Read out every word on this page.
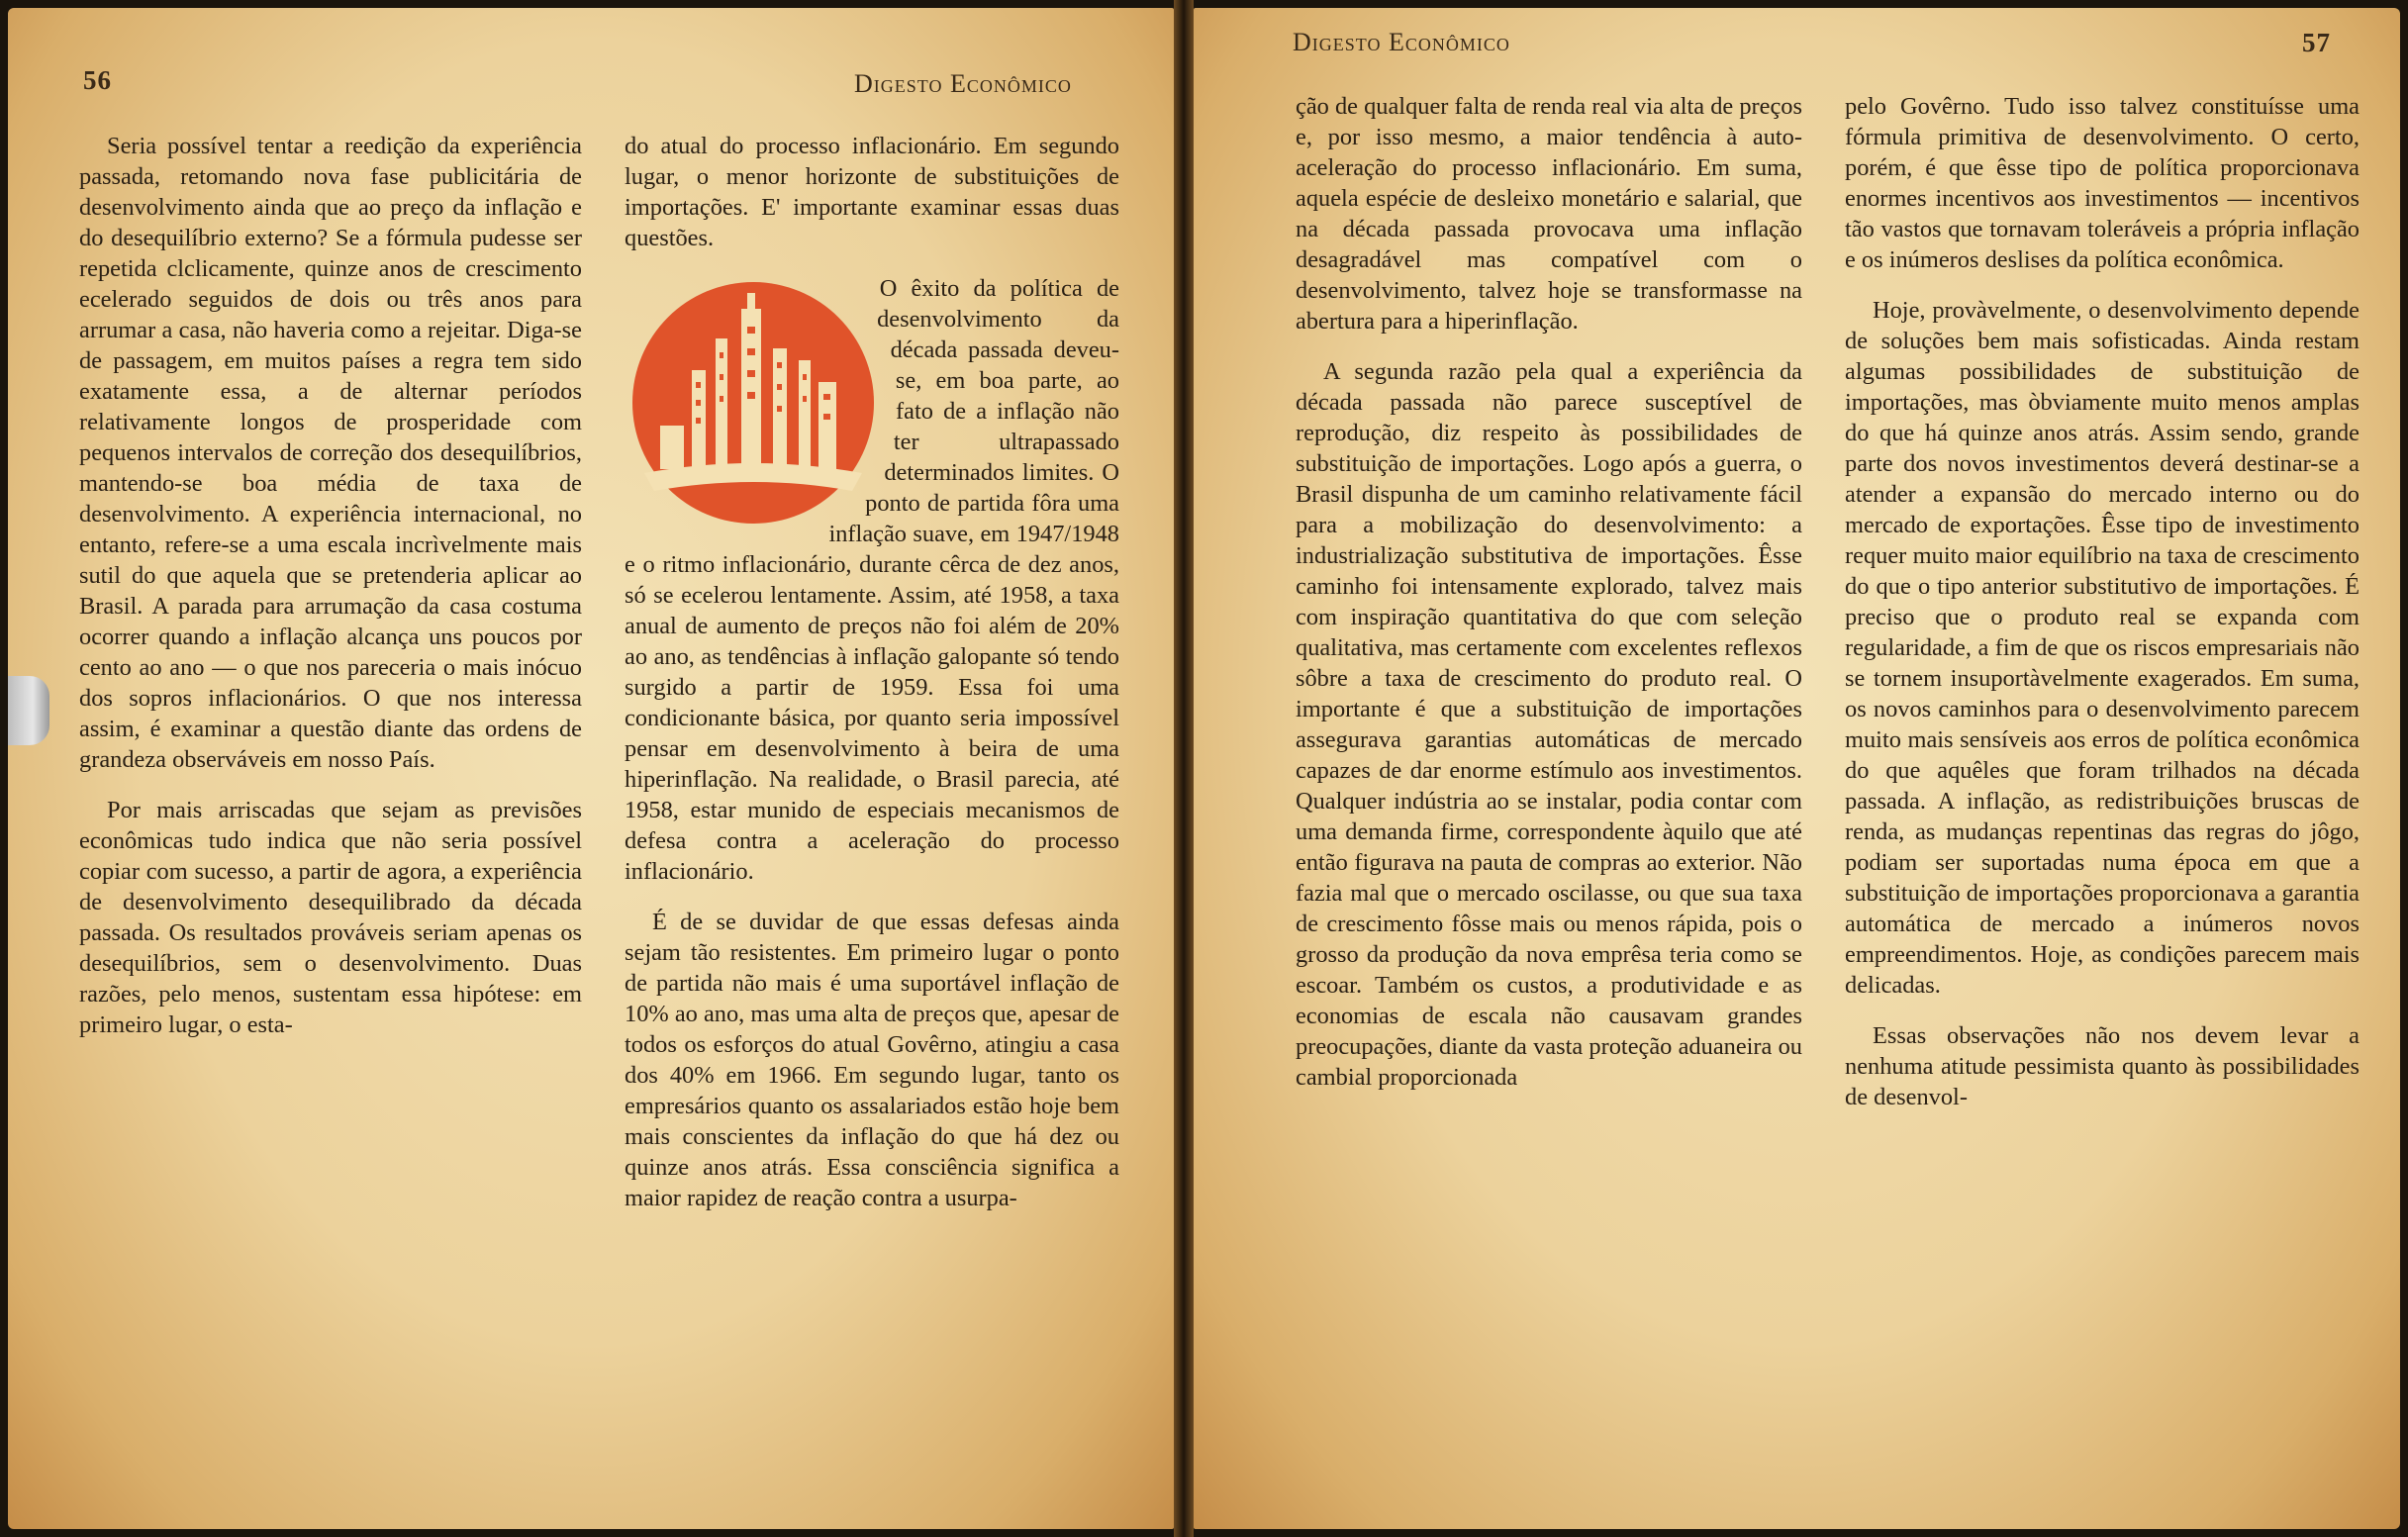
56	Digesto Econômico

Seria possível tentar a reedição da experiência passada, retomando nova fase publicitária de desenvolvimento ainda que ao preço da inflação e do desequilíbrio externo? Se a fórmula pudesse ser repetida clclicamente, quinze anos de crescimento ecelerado seguidos de dois ou três anos para arrumar a casa, não haveria como a rejeitar. Diga-se de passagem, em muitos países a regra tem sido exatamente essa, a de alternar períodos relativamente longos de prosperidade com pequenos intervalos de correção dos desequilíbrios, mantendo-se boa média de taxa de desenvolvimento. A experiência internacional, no entanto, refere-se a uma escala incrìvelmente mais sutil do que aquela que se pretenderia aplicar ao Brasil. A parada para arrumação da casa costuma ocorrer quando a inflação alcança uns poucos por cento ao ano — o que nos pareceria o mais inócuo dos sopros inflacionários. O que nos interessa assim, é examinar a questão diante das ordens de grandeza observáveis em nosso País.

Por mais arriscadas que sejam as previsões econômicas tudo indica que não seria possível copiar com sucesso, a partir de agora, a experiência de desenvolvimento desequilibrado da década passada. Os resultados prováveis seriam apenas os desequilíbrios, sem o desenvolvimento. Duas razões, pelo menos, sustentam essa hipótese: em primeiro lugar, o esta-

do atual do processo inflacionário. Em segundo lugar, o menor horizonte de substituições de importações. E' importante examinar essas duas questões.

O êxito da política de desenvolvimento da década passada deveu-se, em boa parte, ao fato de a inflação não ter ultrapassado determinados limites. O ponto de partida fôra uma inflação suave, em 1947/1948 e o ritmo inflacionário, durante cêrca de dez anos, só se ecelerou lentamente. Assim, até 1958, a taxa anual de aumento de preços não foi além de 20% ao ano, as tendências à inflação galopante só tendo surgido a partir de 1959. Essa foi uma condicionante básica, por quanto seria impossível pensar em desenvolvimento à beira de uma hiperinflação. Na realidade, o Brasil parecia, até 1958, estar munido de especiais mecanismos de defesa contra a aceleração do processo inflacionário.

É de se duvidar de que essas defesas ainda sejam tão resistentes. Em primeiro lugar o ponto de partida não mais é uma suportável inflação de 10% ao ano, mas uma alta de preços que, apesar de todos os esforços do atual Govêrno, atingiu a casa dos 40% em 1966. Em segundo lugar, tanto os empresários quanto os assalariados estão hoje bem mais conscientes da inflação do que há dez ou quinze anos atrás. Essa consciência significa a maior rapidez de reação contra a usurpa-

Digesto Econômico	57

ção de qualquer falta de renda real via alta de preços e, por isso mesmo, a maior tendência à auto-aceleração do processo inflacionário. Em suma, aquela espécie de desleixo monetário e salarial, que na década passada provocava uma inflação desagradável mas compatível com o desenvolvimento, talvez hoje se transformasse na abertura para a hiperinflação.

A segunda razão pela qual a experiência da década passada não parece susceptível de reprodução, diz respeito às possibilidades de substituição de importações. Logo após a guerra, o Brasil dispunha de um caminho relativamente fácil para a mobilização do desenvolvimento: a industrialização substitutiva de importações. Êsse caminho foi intensamente explorado, talvez mais com inspiração quantitativa do que com seleção qualitativa, mas certamente com excelentes reflexos sôbre a taxa de crescimento do produto real. O importante é que a substituição de importações assegurava garantias automáticas de mercado capazes de dar enorme estímulo aos investimentos. Qualquer indústria ao se instalar, podia contar com uma demanda firme, correspondente àquilo que até então figurava na pauta de compras ao exterior. Não fazia mal que o mercado oscilasse, ou que sua taxa de crescimento fôsse mais ou menos rápida, pois o grosso da produção da nova emprêsa teria como se escoar. Também os custos, a produtividade e as economias de escala não causavam grandes preocupações, diante da vasta proteção aduaneira ou cambial proporcionada

pelo Govêrno. Tudo isso talvez constituísse uma fórmula primitiva de desenvolvimento. O certo, porém, é que êsse tipo de política proporcionava enormes incentivos aos investimentos — incentivos tão vastos que tornavam toleráveis a própria inflação e os inúmeros deslises da política econômica.

Hoje, provàvelmente, o desenvolvimento depende de soluções bem mais sofisticadas. Ainda restam algumas possibilidades de substituição de importações, mas òbviamente muito menos amplas do que há quinze anos atrás. Assim sendo, grande parte dos novos investimentos deverá destinar-se a atender a expansão do mercado interno ou do mercado de exportações. Êsse tipo de investimento requer muito maior equilíbrio na taxa de crescimento do que o tipo anterior substitutivo de importações. É preciso que o produto real se expanda com regularidade, a fim de que os riscos empresariais não se tornem insuportàvelmente exagerados. Em suma, os novos caminhos para o desenvolvimento parecem muito mais sensíveis aos erros de política econômica do que aquêles que foram trilhados na década passada. A inflação, as redistribuições bruscas de renda, as mudanças repentinas das regras do jôgo, podiam ser suportadas numa época em que a substituição de importações proporcionava a garantia automática de mercado a inúmeros novos empreendimentos. Hoje, as condições parecem mais delicadas.

Essas observações não nos devem levar a nenhuma atitude pessimista quanto às possibilidades de desenvol-
